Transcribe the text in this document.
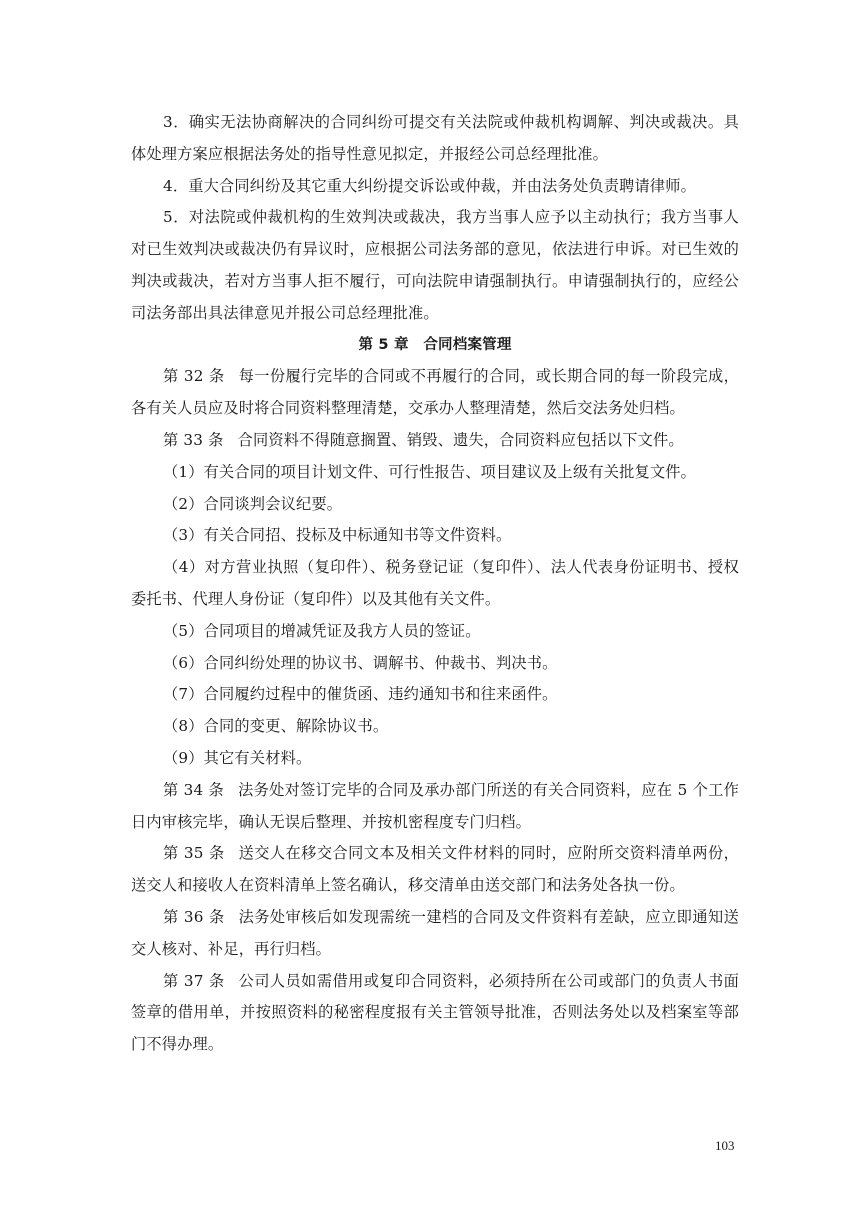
3．确实无法协商解决的合同纠纷可提交有关法院或仲裁机构调解、判决或裁决。具体处理方案应根据法务处的指导性意见拟定，并报经公司总经理批准。

4．重大合同纠纷及其它重大纠纷提交诉讼或仲裁，并由法务处负责聘请律师。

5．对法院或仲裁机构的生效判决或裁决，我方当事人应予以主动执行；我方当事人对已生效判决或裁决仍有异议时，应根据公司法务部的意见，依法进行申诉。对已生效的判决或裁决，若对方当事人拒不履行，可向法院申请强制执行。申请强制执行的，应经公司法务部出具法律意见并报公司总经理批准。

第 5 章　合同档案管理

第 32 条 每一份履行完毕的合同或不再履行的合同，或长期合同的每一阶段完成，各有关人员应及时将合同资料整理清楚，交承办人整理清楚，然后交法务处归档。

第 33 条 合同资料不得随意搁置、销毁、遗失，合同资料应包括以下文件。

（1）有关合同的项目计划文件、可行性报告、项目建议及上级有关批复文件。

（2）合同谈判会议纪要。

（3）有关合同招、投标及中标通知书等文件资料。

（4）对方营业执照（复印件）、税务登记证（复印件）、法人代表身份证明书、授权委托书、代理人身份证（复印件）以及其他有关文件。

（5）合同项目的增减凭证及我方人员的签证。

（6）合同纠纷处理的协议书、调解书、仲裁书、判决书。

（7）合同履约过程中的催货函、违约通知书和往来函件。

（8）合同的变更、解除协议书。

（9）其它有关材料。

第 34 条 法务处对签订完毕的合同及承办部门所送的有关合同资料，应在 5 个工作日内审核完毕，确认无误后整理、并按机密程度专门归档。

第 35 条 送交人在移交合同文本及相关文件材料的同时，应附所交资料清单两份，送交人和接收人在资料清单上签名确认，移交清单由送交部门和法务处各执一份。

第 36 条 法务处审核后如发现需统一建档的合同及文件资料有差缺，应立即通知送交人核对、补足，再行归档。

第 37 条 公司人员如需借用或复印合同资料，必须持所在公司或部门的负责人书面签章的借用单，并按照资料的秘密程度报有关主管领导批准，否则法务处以及档案室等部门不得办理。

103
